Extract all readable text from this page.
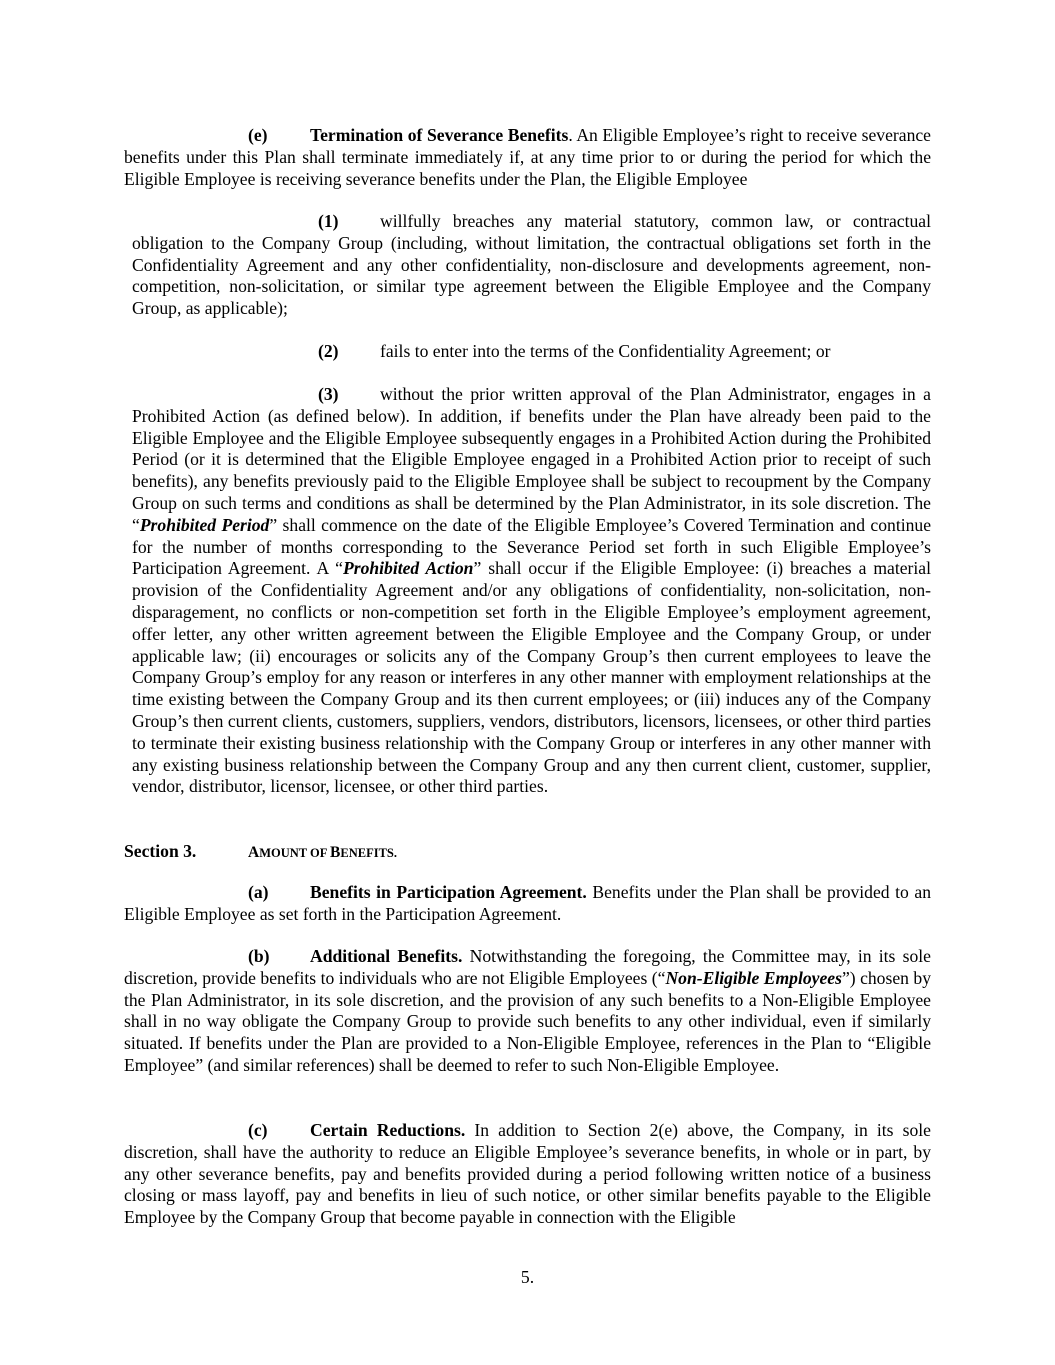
(e) Termination of Severance Benefits. An Eligible Employee’s right to receive severance benefits under this Plan shall terminate immediately if, at any time prior to or during the period for which the Eligible Employee is receiving severance benefits under the Plan, the Eligible Employee

(1) willfully breaches any material statutory, common law, or contractual obligation to the Company Group (including, without limitation, the contractual obligations set forth in the Confidentiality Agreement and any other confidentiality, non-disclosure and developments agreement, non-competition, non-solicitation, or similar type agreement between the Eligible Employee and the Company Group, as applicable);

(2) fails to enter into the terms of the Confidentiality Agreement; or

(3) without the prior written approval of the Plan Administrator, engages in a Prohibited Action (as defined below). In addition, if benefits under the Plan have already been paid to the Eligible Employee and the Eligible Employee subsequently engages in a Prohibited Action during the Prohibited Period (or it is determined that the Eligible Employee engaged in a Prohibited Action prior to receipt of such benefits), any benefits previously paid to the Eligible Employee shall be subject to recoupment by the Company Group on such terms and conditions as shall be determined by the Plan Administrator, in its sole discretion. The “Prohibited Period” shall commence on the date of the Eligible Employee’s Covered Termination and continue for the number of months corresponding to the Severance Period set forth in such Eligible Employee’s Participation Agreement. A “Prohibited Action” shall occur if the Eligible Employee: (i) breaches a material provision of the Confidentiality Agreement and/or any obligations of confidentiality, non-solicitation, non-disparagement, no conflicts or non-competition set forth in the Eligible Employee’s employment agreement, offer letter, any other written agreement between the Eligible Employee and the Company Group, or under applicable law; (ii) encourages or solicits any of the Company Group’s then current employees to leave the Company Group’s employ for any reason or interferes in any other manner with employment relationships at the time existing between the Company Group and its then current employees; or (iii) induces any of the Company Group’s then current clients, customers, suppliers, vendors, distributors, licensors, licensees, or other third parties to terminate their existing business relationship with the Company Group or interferes in any other manner with any existing business relationship between the Company Group and any then current client, customer, supplier, vendor, distributor, licensor, licensee, or other third parties.

Section 3.	AMOUNT OF BENEFITS.

(a) Benefits in Participation Agreement. Benefits under the Plan shall be provided to an Eligible Employee as set forth in the Participation Agreement.

(b) Additional Benefits. Notwithstanding the foregoing, the Committee may, in its sole discretion, provide benefits to individuals who are not Eligible Employees (“Non-Eligible Employees”) chosen by the Plan Administrator, in its sole discretion, and the provision of any such benefits to a Non-Eligible Employee shall in no way obligate the Company Group to provide such benefits to any other individual, even if similarly situated. If benefits under the Plan are provided to a Non-Eligible Employee, references in the Plan to “Eligible Employee” (and similar references) shall be deemed to refer to such Non-Eligible Employee.

(c) Certain Reductions. In addition to Section 2(e) above, the Company, in its sole discretion, shall have the authority to reduce an Eligible Employee’s severance benefits, in whole or in part, by any other severance benefits, pay and benefits provided during a period following written notice of a business closing or mass layoff, pay and benefits in lieu of such notice, or other similar benefits payable to the Eligible Employee by the Company Group that become payable in connection with the Eligible

5.
